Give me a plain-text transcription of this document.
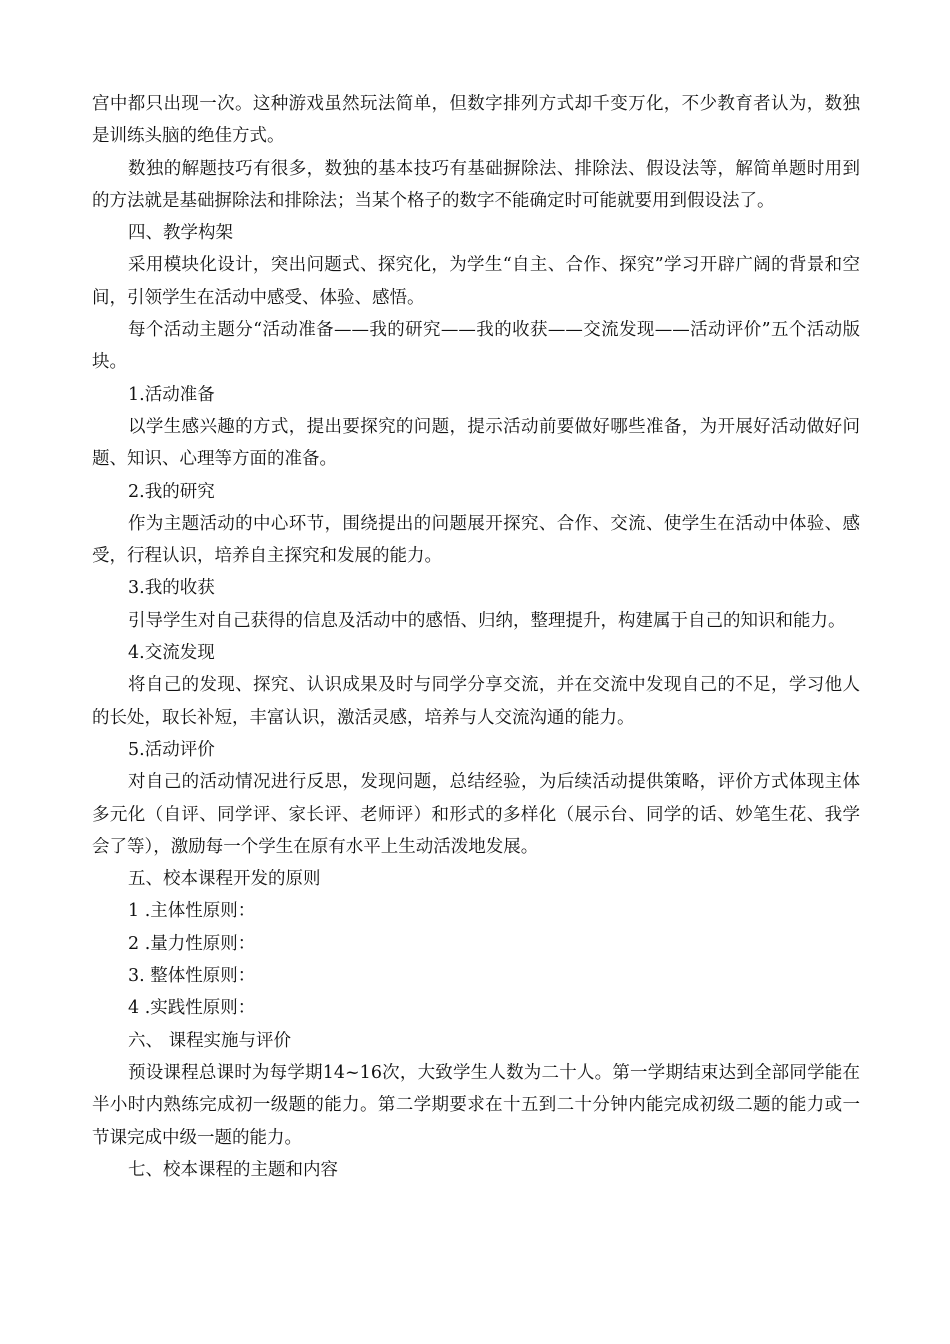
宫中都只出现一次。这种游戏虽然玩法简单，但数字排列方式却千变万化，不少教育者认为，数独是训练头脑的绝佳方式。

数独的解题技巧有很多，数独的基本技巧有基础摒除法、排除法、假设法等，解简单题时用到的方法就是基础摒除法和排除法；当某个格子的数字不能确定时可能就要用到假设法了。

四、教学构架

采用模块化设计，突出问题式、探究化，为学生“自主、合作、探究”学习开辟广阔的背景和空间，引领学生在活动中感受、体验、感悟。

每个活动主题分“活动准备——我的研究——我的收获——交流发现——活动评价”五个活动版块。

1.活动准备

以学生感兴趣的方式，提出要探究的问题，提示活动前要做好哪些准备，为开展好活动做好问题、知识、心理等方面的准备。

2.我的研究

作为主题活动的中心环节，围绕提出的问题展开探究、合作、交流、使学生在活动中体验、感受，行程认识，培养自主探究和发展的能力。

3.我的收获

引导学生对自己获得的信息及活动中的感悟、归纳，整理提升，构建属于自己的知识和能力。

4.交流发现

将自己的发现、探究、认识成果及时与同学分享交流，并在交流中发现自己的不足，学习他人的长处，取长补短，丰富认识，激活灵感，培养与人交流沟通的能力。

5.活动评价

对自己的活动情况进行反思，发现问题，总结经验，为后续活动提供策略，评价方式体现主体多元化（自评、同学评、家长评、老师评）和形式的多样化（展示台、同学的话、妙笔生花、我学会了等），激励每一个学生在原有水平上生动活泼地发展。

五、校本课程开发的原则

1 .主体性原则：

2 .量力性原则：

3. 整体性原则：

4 .实践性原则：

六、 课程实施与评价

预设课程总课时为每学期14~16次，大致学生人数为二十人。第一学期结束达到全部同学能在半小时内熟练完成初一级题的能力。第二学期要求在十五到二十分钟内能完成初级二题的能力或一节课完成中级一题的能力。

七、校本课程的主题和内容
